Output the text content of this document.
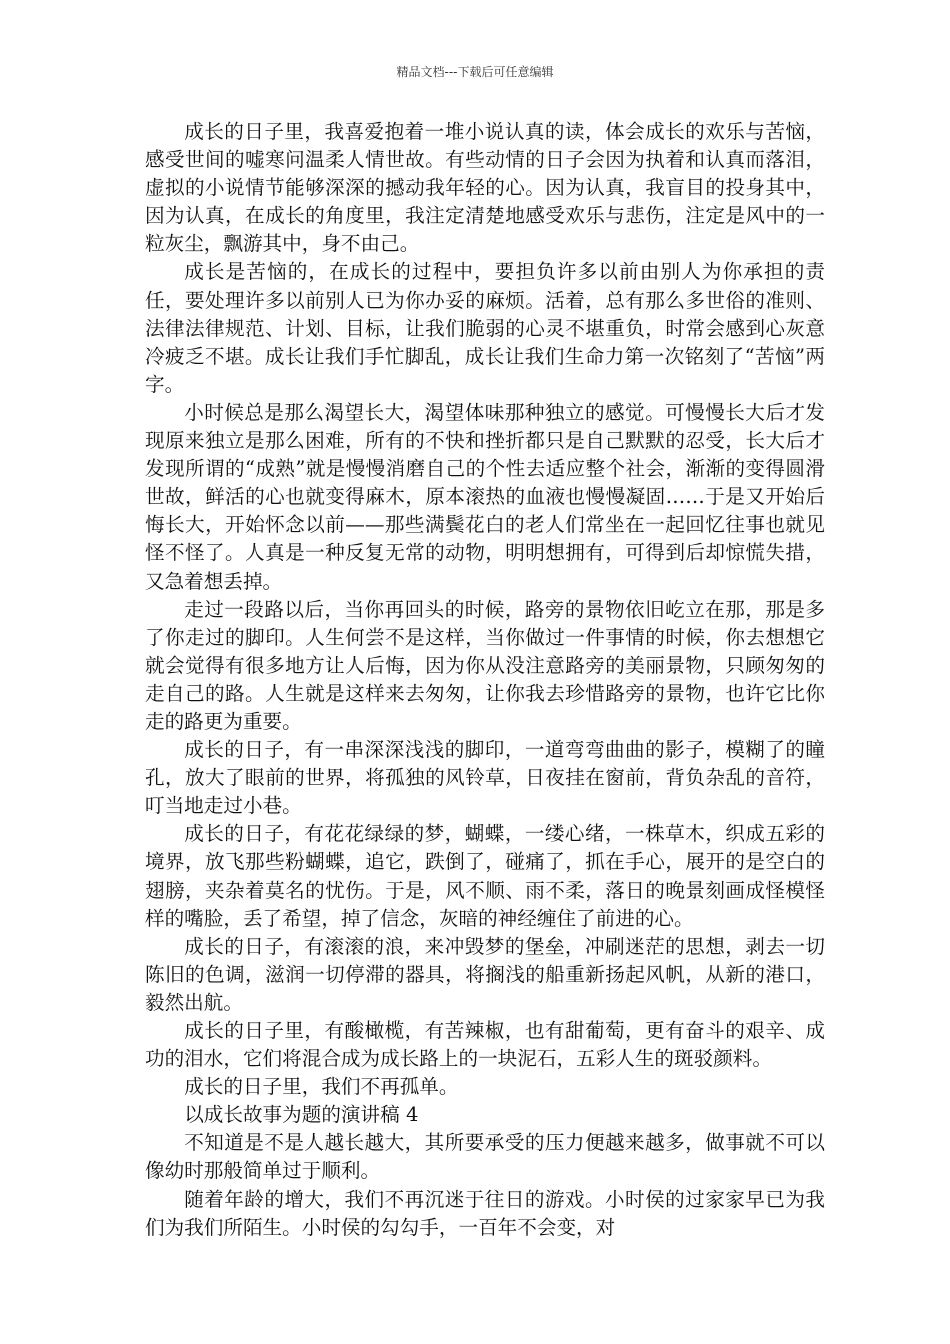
精品文档---下载后可任意编辑

成长的日子里，我喜爱抱着一堆小说认真的读，体会成长的欢乐与苦恼，感受世间的嘘寒问温柔人情世故。有些动情的日子会因为执着和认真而落泪，虚拟的小说情节能够深深的撼动我年轻的心。因为认真，我盲目的投身其中，因为认真，在成长的角度里，我注定清楚地感受欢乐与悲伤，注定是风中的一粒灰尘，飘游其中，身不由己。

成长是苦恼的，在成长的过程中，要担负许多以前由别人为你承担的责任，要处理许多以前别人已为你办妥的麻烦。活着，总有那么多世俗的准则、法律法律规范、计划、目标，让我们脆弱的心灵不堪重负，时常会感到心灰意冷疲乏不堪。成长让我们手忙脚乱，成长让我们生命力第一次铭刻了“苦恼”两字。

小时候总是那么渴望长大，渴望体味那种独立的感觉。可慢慢长大后才发现原来独立是那么困难，所有的不快和挫折都只是自己默默的忍受，长大后才发现所谓的“成熟”就是慢慢消磨自己的个性去适应整个社会，渐渐的变得圆滑世故，鲜活的心也就变得麻木，原本滚热的血液也慢慢凝固……于是又开始后悔长大，开始怀念以前——那些满鬓花白的老人们常坐在一起回忆往事也就见怪不怪了。人真是一种反复无常的动物，明明想拥有，可得到后却惊慌失措，又急着想丢掉。

走过一段路以后，当你再回头的时候，路旁的景物依旧屹立在那，那是多了你走过的脚印。人生何尝不是这样，当你做过一件事情的时候，你去想想它就会觉得有很多地方让人后悔，因为你从没注意路旁的美丽景物，只顾匆匆的走自己的路。人生就是这样来去匆匆，让你我去珍惜路旁的景物，也许它比你走的路更为重要。

成长的日子，有一串深深浅浅的脚印，一道弯弯曲曲的影子，模糊了的瞳孔，放大了眼前的世界，将孤独的风铃草，日夜挂在窗前，背负杂乱的音符，叮当地走过小巷。

成长的日子，有花花绿绿的梦，蝴蝶，一缕心绪，一株草木，织成五彩的境界，放飞那些粉蝴蝶，追它，跌倒了，碰痛了，抓在手心，展开的是空白的翅膀，夹杂着莫名的忧伤。于是，风不顺、雨不柔，落日的晚景刻画成怪模怪样的嘴脸，丢了希望，掉了信念，灰暗的神经缠住了前进的心。

成长的日子，有滚滚的浪，来冲毁梦的堡垒，冲刷迷茫的思想，剥去一切陈旧的色调，滋润一切停滞的器具，将搁浅的船重新扬起风帆，从新的港口，毅然出航。

成长的日子里，有酸橄榄，有苦辣椒，也有甜葡萄，更有奋斗的艰辛、成功的泪水，它们将混合成为成长路上的一块泥石，五彩人生的斑驳颜料。

成长的日子里，我们不再孤单。

以成长故事为题的演讲稿 4

不知道是不是人越长越大，其所要承受的压力便越来越多，做事就不可以像幼时那般简单过于顺利。

随着年龄的增大，我们不再沉迷于往日的游戏。小时侯的过家家早已为我们为我们所陌生。小时侯的勾勾手，一百年不会变，对
